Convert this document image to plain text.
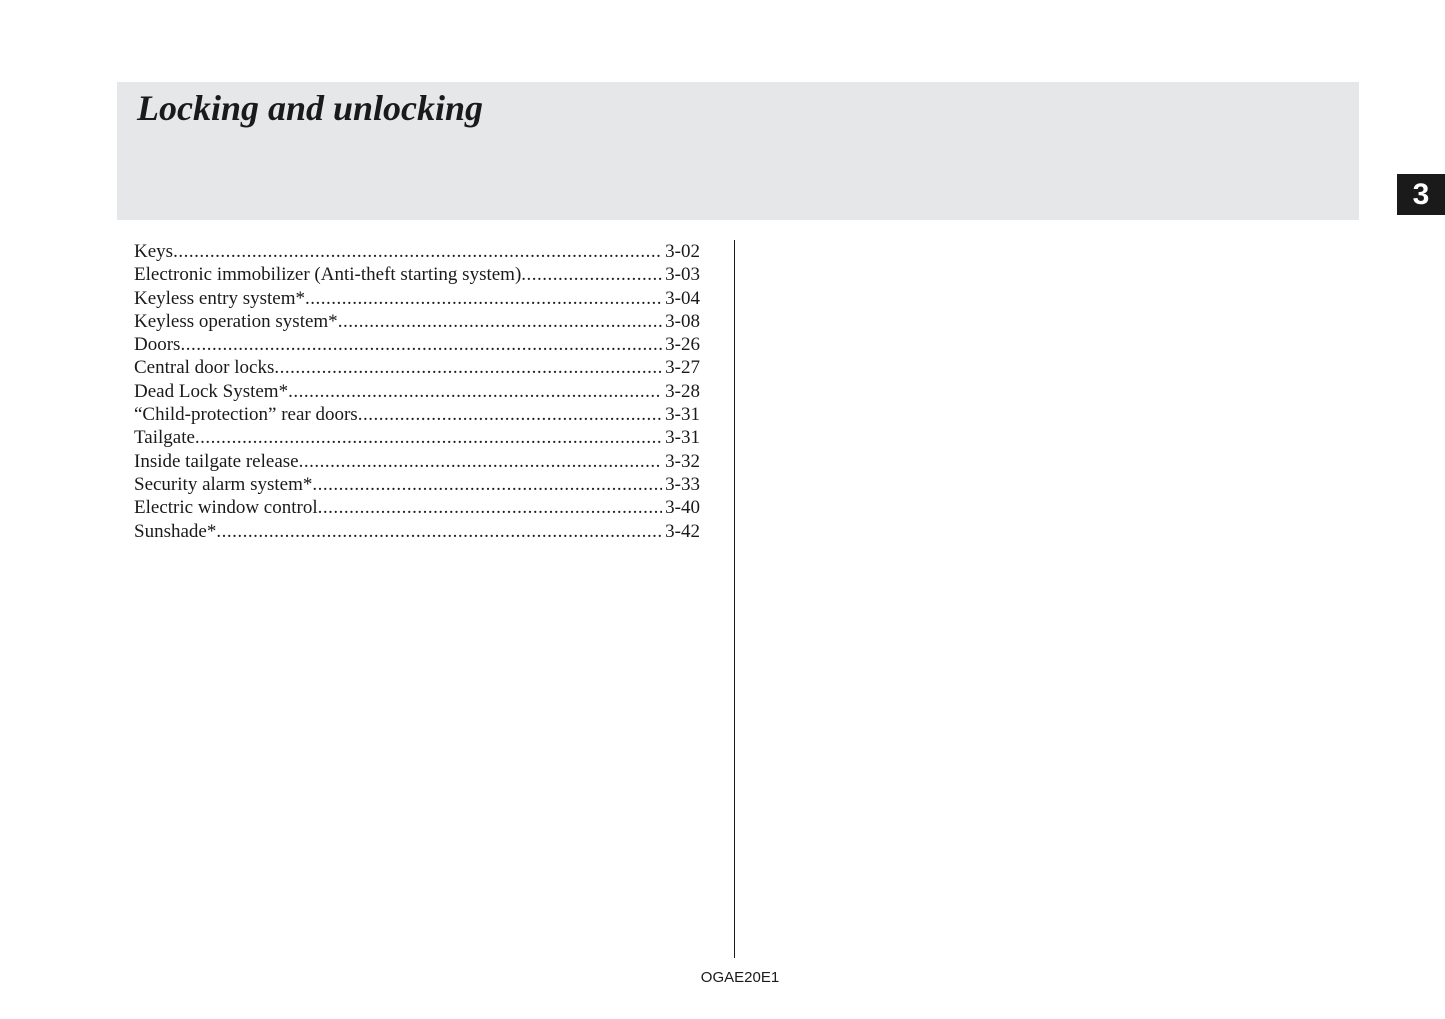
Locking and unlocking
3
Keys .....	3-02
Electronic immobilizer (Anti-theft starting system) .....	3-03
Keyless entry system* .....	3-04
Keyless operation system* .....	3-08
Doors .....	3-26
Central door locks .....	3-27
Dead Lock System* .....	3-28
“Child-protection” rear doors .....	3-31
Tailgate .....	3-31
Inside tailgate release .....	3-32
Security alarm system* .....	3-33
Electric window control .....	3-40
Sunshade* .....	3-42
OGAE20E1
